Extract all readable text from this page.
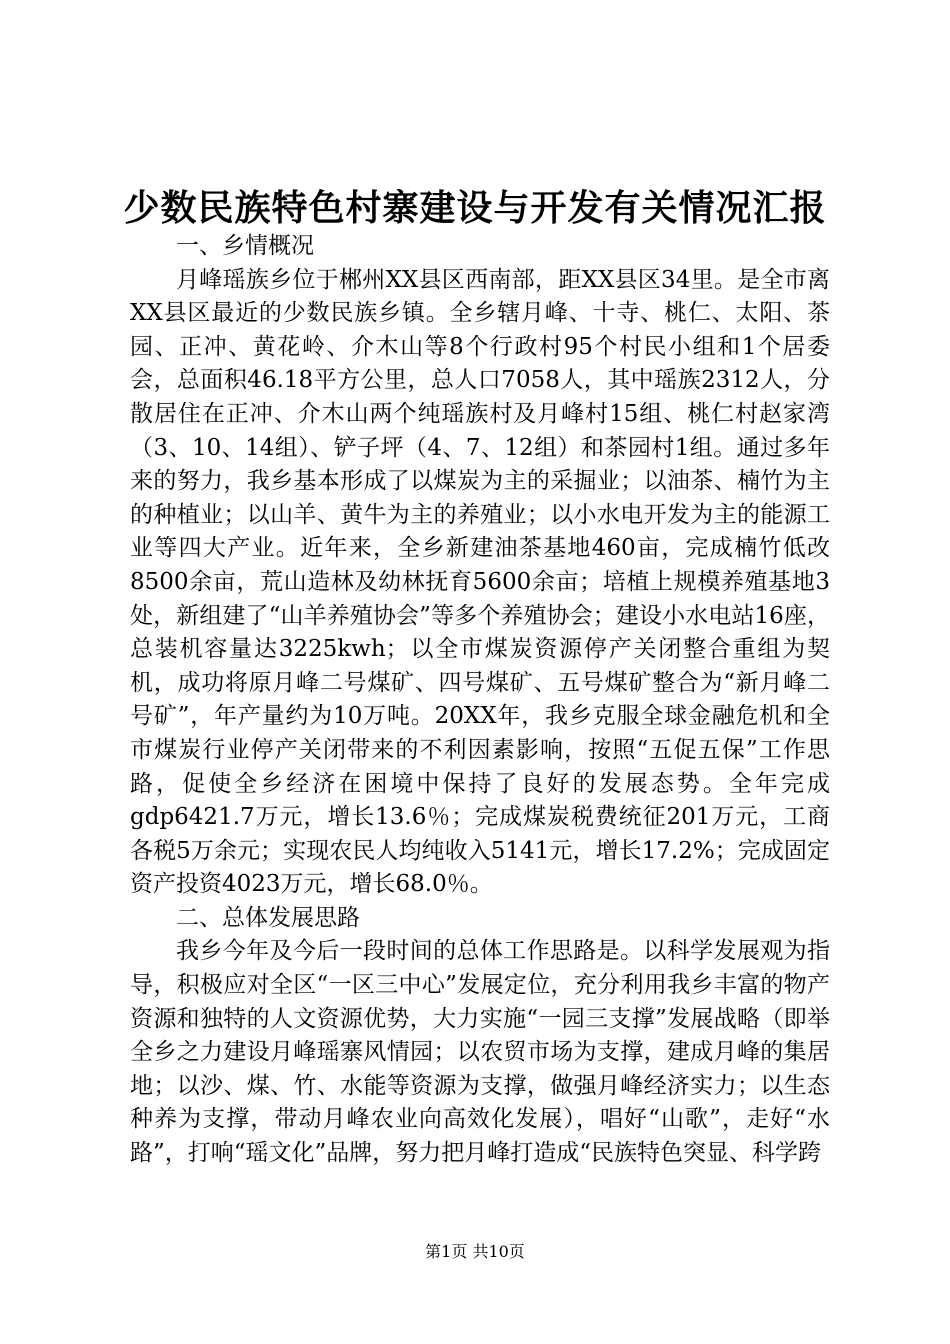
少数民族特色村寨建设与开发有关情况汇报

一、乡情概况

月峰瑶族乡位于郴州XX县区西南部，距XX县区34里。是全市离XX县区最近的少数民族乡镇。全乡辖月峰、十寺、桃仁、太阳、茶园、正冲、黄花岭、介木山等8个行政村95个村民小组和1个居委会，总面积46.18平方公里，总人口7058人，其中瑶族2312人，分散居住在正冲、介木山两个纯瑶族村及月峰村15组、桃仁村赵家湾（3、10、14组）、铲子坪（4、7、12组）和茶园村1组。通过多年来的努力，我乡基本形成了以煤炭为主的采掘业；以油茶、楠竹为主的种植业；以山羊、黄牛为主的养殖业；以小水电开发为主的能源工业等四大产业。近年来，全乡新建油茶基地460亩，完成楠竹低改8500余亩，荒山造林及幼林抚育5600余亩；培植上规模养殖基地3处，新组建了“山羊养殖协会”等多个养殖协会；建设小水电站16座，总装机容量达3225kwh；以全市煤炭资源停产关闭整合重组为契机，成功将原月峰二号煤矿、四号煤矿、五号煤矿整合为“新月峰二号矿”，年产量约为10万吨。20XX年，我乡克服全球金融危机和全市煤炭行业停产关闭带来的不利因素影响，按照“五促五保”工作思路，促使全乡经济在困境中保持了良好的发展态势。全年完成gdp6421.7万元，增长13.6％；完成煤炭税费统征201万元，工商各税5万余元；实现农民人均纯收入5141元，增长17.2%；完成固定资产投资4023万元，增长68.0％。

二、总体发展思路

我乡今年及今后一段时间的总体工作思路是。以科学发展观为指导，积极应对全区“一区三中心”发展定位，充分利用我乡丰富的物产资源和独特的人文资源优势，大力实施“一园三支撑”发展战略（即举全乡之力建设月峰瑶寨风情园；以农贸市场为支撑，建成月峰的集居地；以沙、煤、竹、水能等资源为支撑，做强月峰经济实力；以生态种养为支撑，带动月峰农业向高效化发展），唱好“山歌”，走好“水路”，打响“瑶文化”品牌，努力把月峰打造成“民族特色突显、科学跨

第1页 共10页
